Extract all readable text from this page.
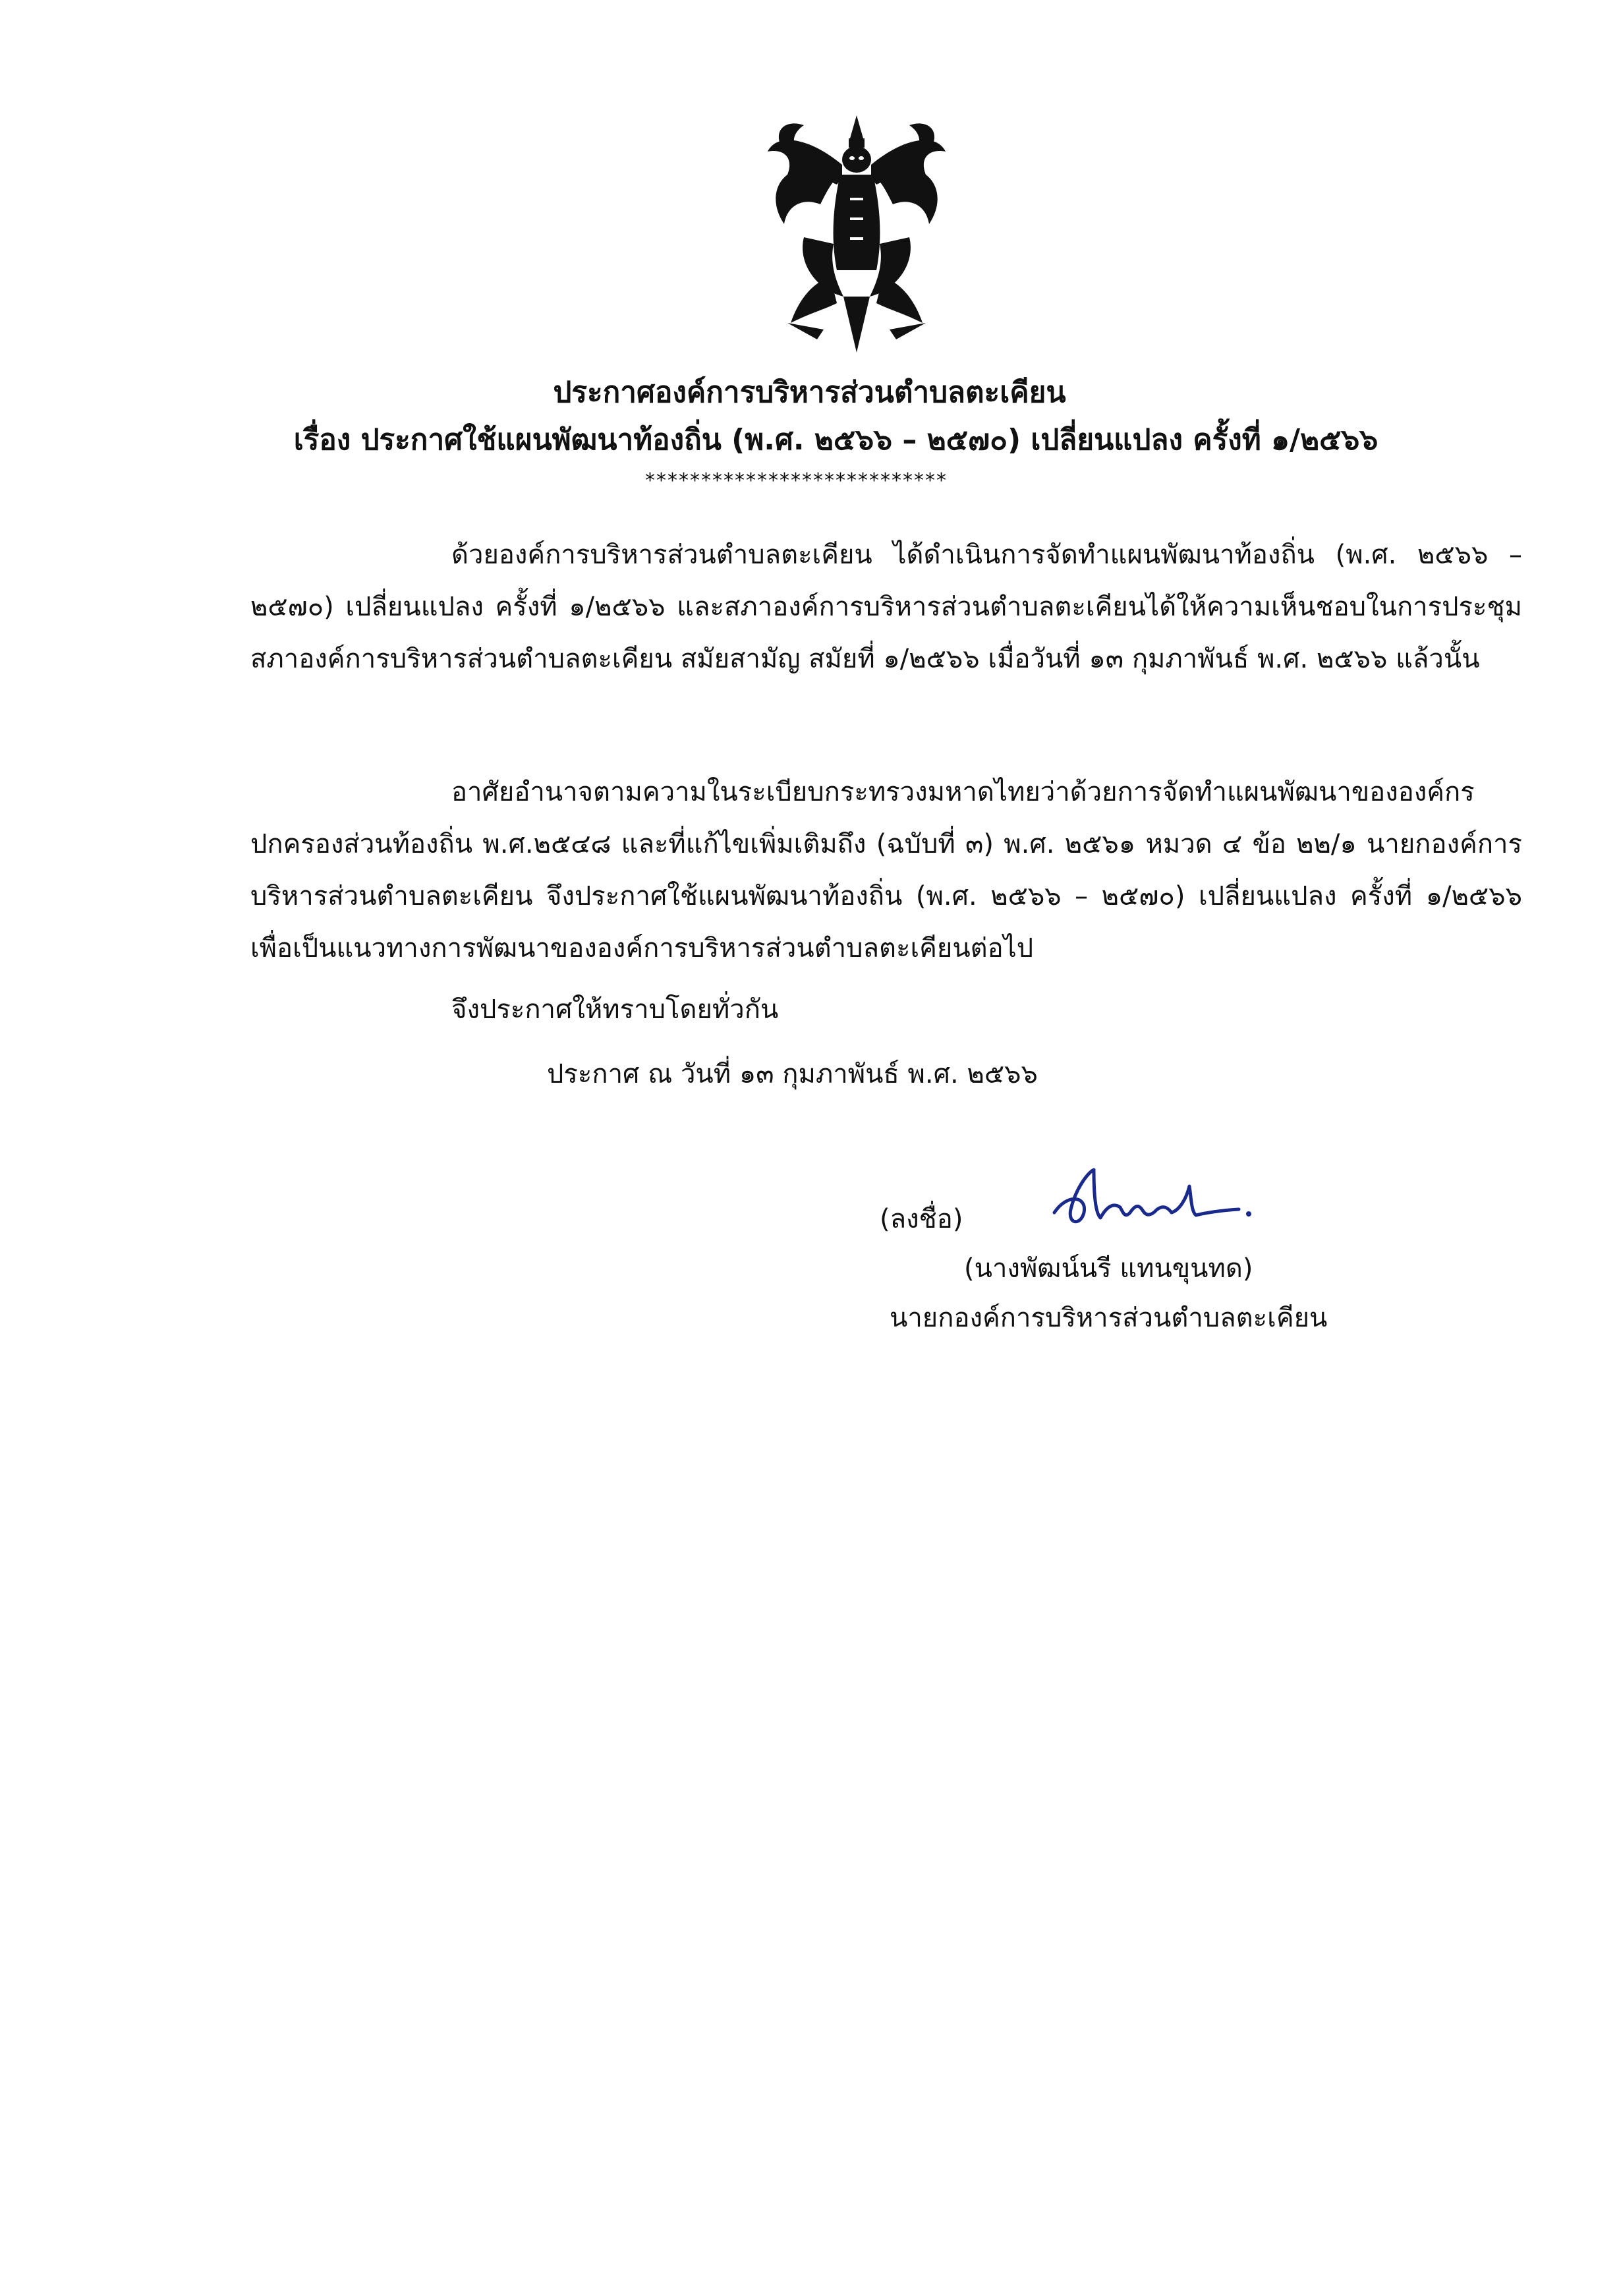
ประกาศองค์การบริหารส่วนตำบลตะเคียน
เรื่อง ประกาศใช้แผนพัฒนาท้องถิ่น (พ.ศ. ๒๕๖๖ – ๒๕๗๐) เปลี่ยนแปลง ครั้งที่ ๑/๒๕๖๖
***************************
ด้วยองค์การบริหารส่วนตำบลตะเคียน ได้ดำเนินการจัดทำแผนพัฒนาท้องถิ่น (พ.ศ. ๒๕๖๖ – ๒๕๗๐) เปลี่ยนแปลง ครั้งที่ ๑/๒๕๖๖ และสภาองค์การบริหารส่วนตำบลตะเคียนได้ให้ความเห็นชอบในการประชุมสภาองค์การบริหารส่วนตำบลตะเคียน สมัยสามัญ สมัยที่ ๑/๒๕๖๖ เมื่อวันที่ ๑๓ กุมภาพันธ์ พ.ศ. ๒๕๖๖ แล้วนั้น
อาศัยอำนาจตามความในระเบียบกระทรวงมหาดไทยว่าด้วยการจัดทำแผนพัฒนาขององค์กรปกครองส่วนท้องถิ่น พ.ศ.๒๕๔๘ และที่แก้ไขเพิ่มเติมถึง (ฉบับที่ ๓) พ.ศ. ๒๕๖๑ หมวด ๔ ข้อ ๒๒/๑ นายกองค์การบริหารส่วนตำบลตะเคียน จึงประกาศใช้แผนพัฒนาท้องถิ่น (พ.ศ. ๒๕๖๖ – ๒๕๗๐) เปลี่ยนแปลง ครั้งที่ ๑/๒๕๖๖ เพื่อเป็นแนวทางการพัฒนาขององค์การบริหารส่วนตำบลตะเคียนต่อไป
จึงประกาศให้ทราบโดยทั่วกัน
ประกาศ ณ วันที่ ๑๓ กุมภาพันธ์ พ.ศ. ๒๕๖๖
(ลงชื่อ)
(นางพัฒน์นรี แทนขุนทด)
นายกองค์การบริหารส่วนตำบลตะเคียน
